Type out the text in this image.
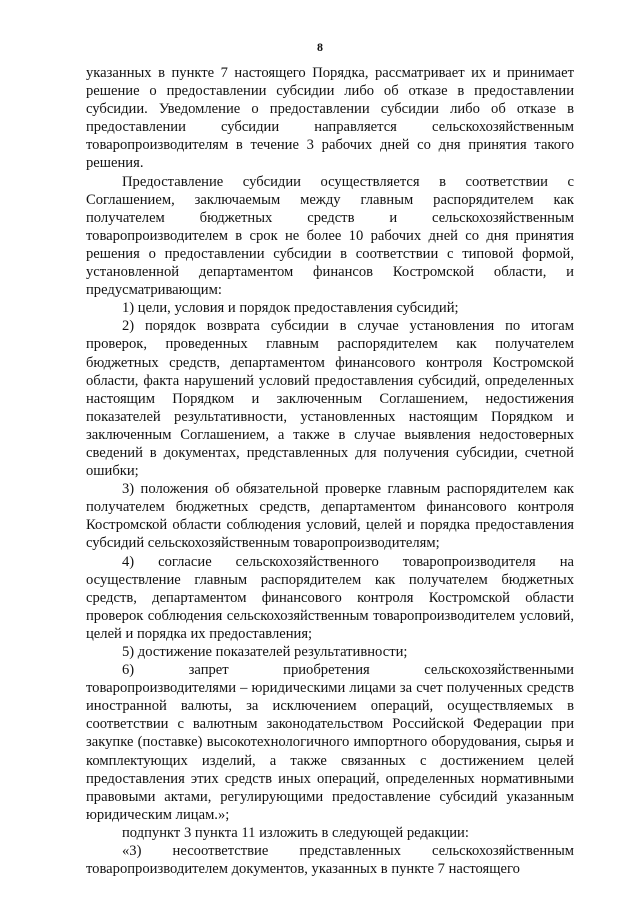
8

указанных в пункте 7 настоящего Порядка, рассматривает их и принимает решение о предоставлении субсидии либо об отказе в предоставлении субсидии. Уведомление о предоставлении субсидии либо об отказе в предоставлении субсидии направляется сельскохозяйственным товаропроизводителям в течение 3 рабочих дней со дня принятия такого решения.

Предоставление субсидии осуществляется в соответствии с Соглашением, заключаемым между главным распорядителем как получателем бюджетных средств и сельскохозяйственным товаропроизводителем в срок не более 10 рабочих дней со дня принятия решения о предоставлении субсидии в соответствии с типовой формой, установленной департаментом финансов Костромской области, и предусматривающим:

1) цели, условия и порядок предоставления субсидий;

2) порядок возврата субсидии в случае установления по итогам проверок, проведенных главным распорядителем как получателем бюджетных средств, департаментом финансового контроля Костромской области, факта нарушений условий предоставления субсидий, определенных настоящим Порядком и заключенным Соглашением, недостижения показателей результативности, установленных настоящим Порядком и заключенным Соглашением, а также в случае выявления недостоверных сведений в документах, представленных для получения субсидии, счетной ошибки;

3) положения об обязательной проверке главным распорядителем как получателем бюджетных средств, департаментом финансового контроля Костромской области соблюдения условий, целей и порядка предоставления субсидий сельскохозяйственным товаропроизводителям;

4) согласие сельскохозяйственного товаропроизводителя на осуществление главным распорядителем как получателем бюджетных средств, департаментом финансового контроля Костромской области проверок соблюдения сельскохозяйственным товаропроизводителем условий, целей и порядка их предоставления;

5) достижение показателей результативности;

6) запрет приобретения сельскохозяйственными товаропроизводителями – юридическими лицами за счет полученных средств иностранной валюты, за исключением операций, осуществляемых в соответствии с валютным законодательством Российской Федерации при закупке (поставке) высокотехнологичного импортного оборудования, сырья и комплектующих изделий, а также связанных с достижением целей предоставления этих средств иных операций, определенных нормативными правовыми актами, регулирующими предоставление субсидий указанным юридическим лицам.»;

подпункт 3 пункта 11 изложить в следующей редакции:

«3) несоответствие представленных сельскохозяйственным товаропроизводителем документов, указанных в пункте 7 настоящего
